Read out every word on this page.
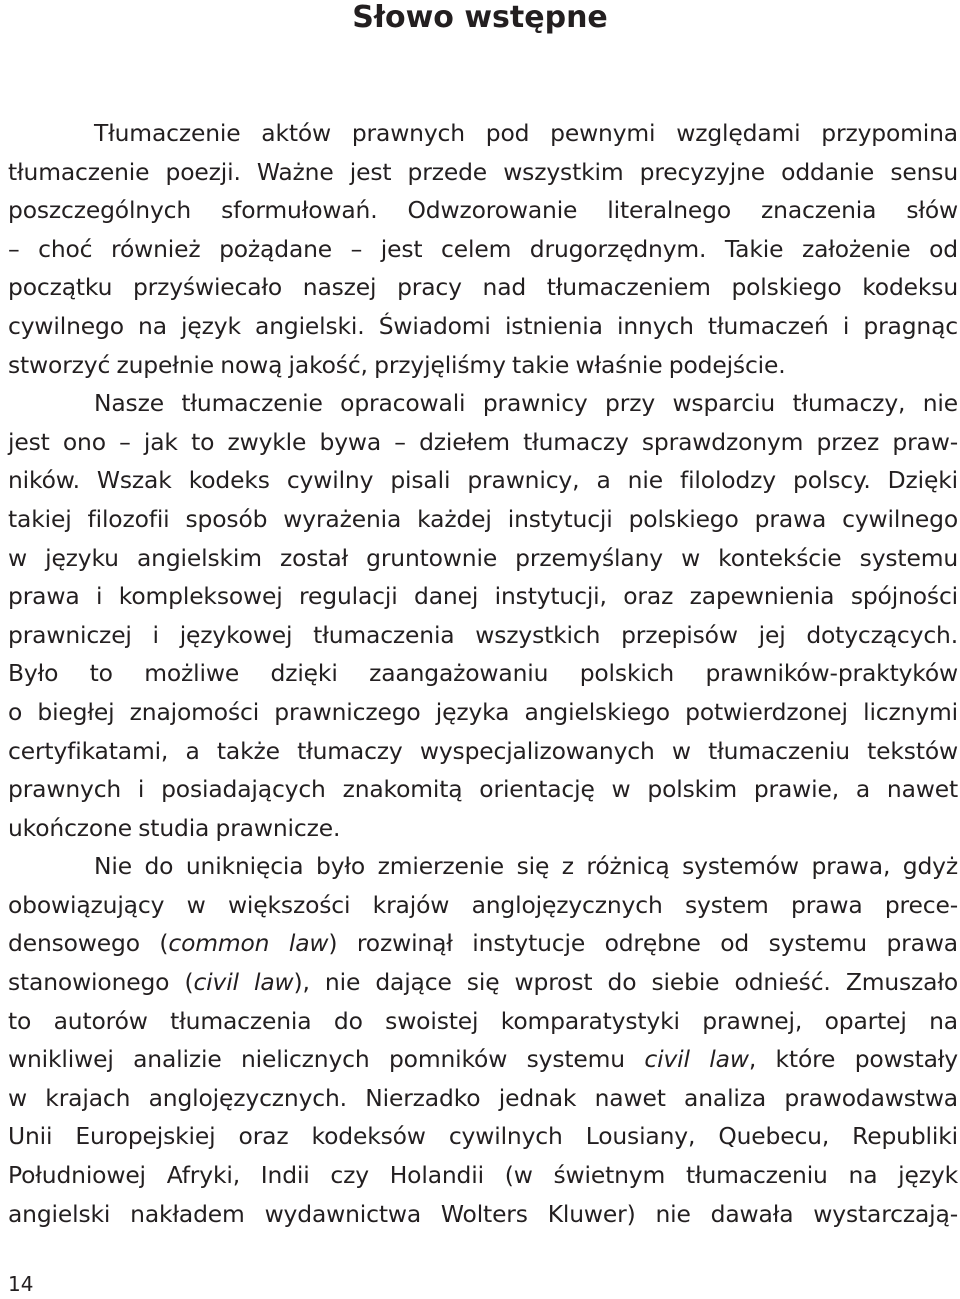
Słowo wstępne
Tłumaczenie aktów prawnych pod pewnymi względami przypomina
tłumaczenie poezji. Ważne jest przede wszystkim precyzyjne oddanie sensu
poszczególnych sformułowań. Odwzorowanie literalnego znaczenia słów
– choć również pożądane – jest celem drugorzędnym. Takie założenie od
początku przyświecało naszej pracy nad tłumaczeniem polskiego kodeksu
cywilnego na język angielski. Świadomi istnienia innych tłumaczeń i pragnąc
stworzyć zupełnie nową jakość, przyjęliśmy takie właśnie podejście.
Nasze tłumaczenie opracowali prawnicy przy wsparciu tłumaczy, nie
jest ono – jak to zwykle bywa – dziełem tłumaczy sprawdzonym przez praw-
ników. Wszak kodeks cywilny pisali prawnicy, a nie filolodzy polscy. Dzięki
takiej filozofii sposób wyrażenia każdej instytucji polskiego prawa cywilnego
w języku angielskim został gruntownie przemyślany w kontekście systemu
prawa i kompleksowej regulacji danej instytucji, oraz zapewnienia spójności
prawniczej i językowej tłumaczenia wszystkich przepisów jej dotyczących.
Było to możliwe dzięki zaangażowaniu polskich prawników-praktyków
o biegłej znajomości prawniczego języka angielskiego potwierdzonej licznymi
certyfikatami, a także tłumaczy wyspecjalizowanych w tłumaczeniu tekstów
prawnych i posiadających znakomitą orientację w polskim prawie, a nawet
ukończone studia prawnicze.
Nie do uniknięcia było zmierzenie się z różnicą systemów prawa, gdyż
obowiązujący w większości krajów anglojęzycznych system prawa prece-
densowego (common law) rozwinął instytucje odrębne od systemu prawa
stanowionego (civil law), nie dające się wprost do siebie odnieść. Zmuszało
to autorów tłumaczenia do swoistej komparatystyki prawnej, opartej na
wnikliwej analizie nielicznych pomników systemu civil law, które powstały
w krajach anglojęzycznych. Nierzadko jednak nawet analiza prawodawstwa
Unii Europejskiej oraz kodeksów cywilnych Lousiany, Quebecu, Republiki
Południowej Afryki, Indii czy Holandii (w świetnym tłumaczeniu na język
angielski nakładem wydawnictwa Wolters Kluwer) nie dawała wystarczają-
14
